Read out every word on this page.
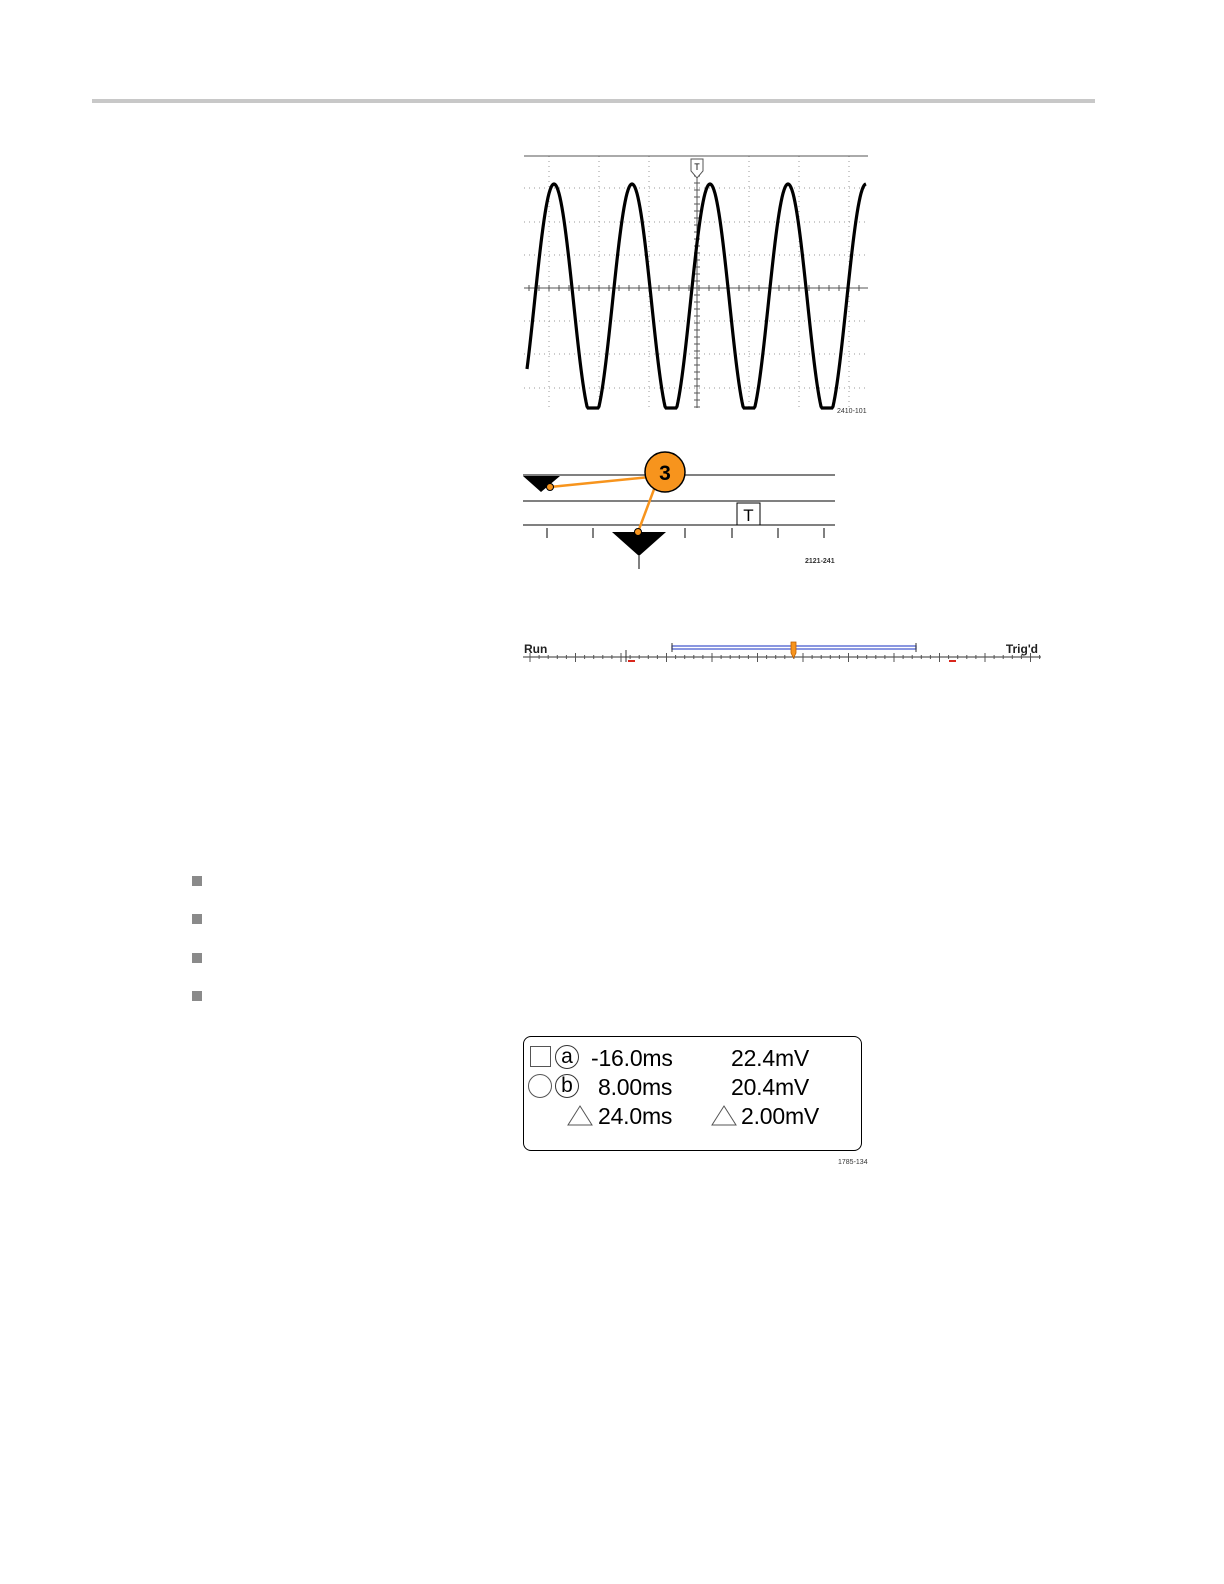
T
2410-101
T
3
2121-241
Run	Trig'd
a -16.0ms	22.4mV
b 8.00ms	20.4mV
24.0ms	2.00mV
1785-134
